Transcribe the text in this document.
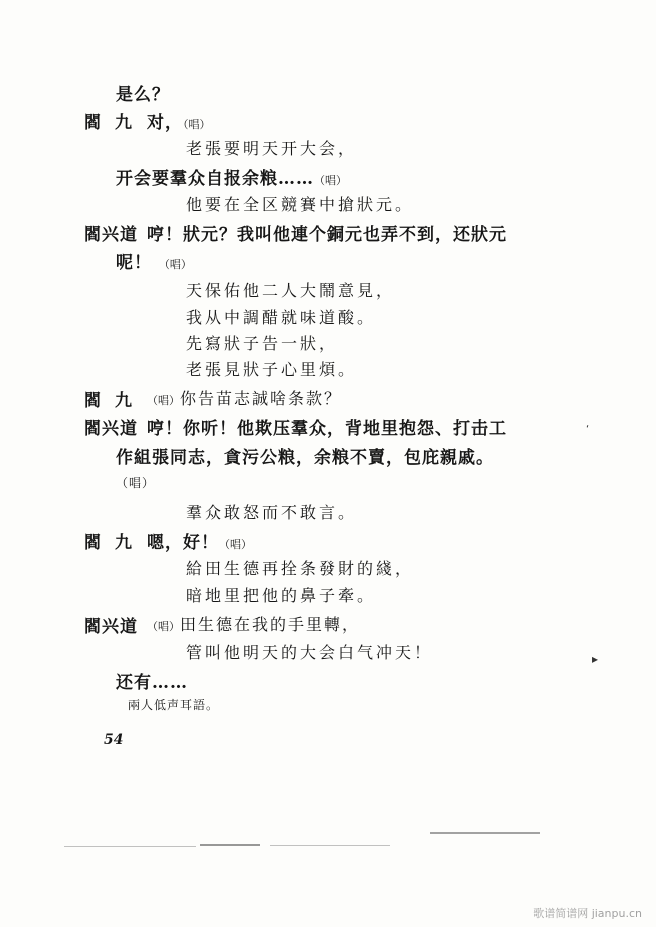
是么？
閻九 对，（唱）
老張要明天开大会，
开会要羣众自报余粮……（唱）
他要在全区競賽中搶狀元。
閻兴道 哼！狀元？我叫他連个銅元也弄不到，还狀元
呢！ （唱）
天保佑他二人大鬧意見，
我从中調醋就味道酸。
先寫狀子告一狀，
老張見狀子心里煩。
閻九 （唱）你告苗志誠啥条款？
閻兴道 哼！你听！他欺压羣众，背地里抱怨、打击工
作組張同志，貪污公粮，余粮不賣，包庇親戚。
（唱）
羣众敢怒而不敢言。
閻九 嗯，好！（唱）
給田生德再拴条發財的綫，
暗地里把他的鼻子牽。
閻兴道 （唱）田生德在我的手里轉，
管叫他明天的大会白气冲天！
还有……
兩人低声耳語。
54
‘
▸
歌谱简谱网 jianpu.cn
